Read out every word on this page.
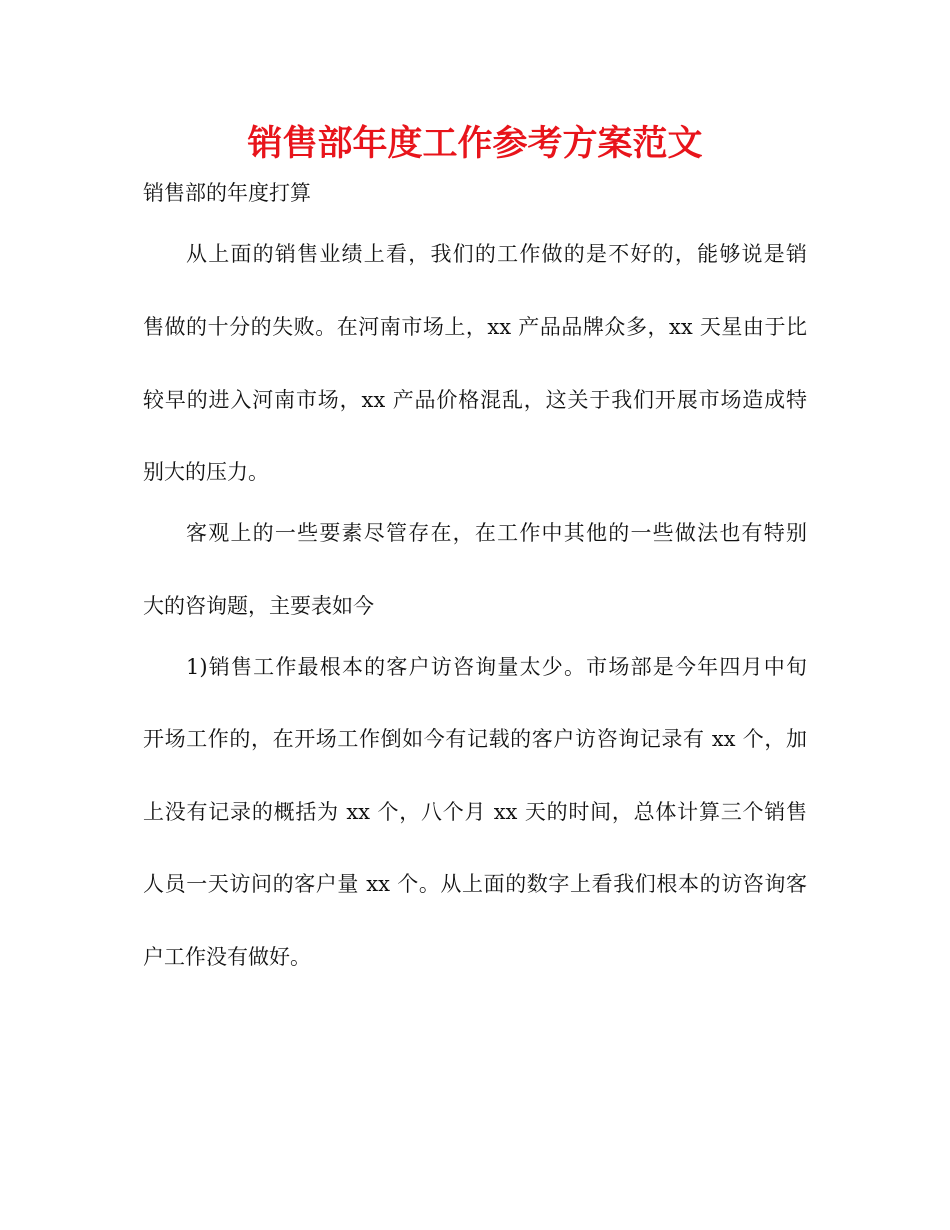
销售部年度工作参考方案范文

销售部的年度打算

从上面的销售业绩上看，我们的工作做的是不好的，能够说是销

售做的十分的失败。在河南市场上，xx 产品品牌众多，xx 天星由于比

较早的进入河南市场，xx 产品价格混乱，这关于我们开展市场造成特

别大的压力。

客观上的一些要素尽管存在，在工作中其他的一些做法也有特别

大的咨询题，主要表如今

1)销售工作最根本的客户访咨询量太少。市场部是今年四月中旬

开场工作的，在开场工作倒如今有记载的客户访咨询记录有 xx 个，加

上没有记录的概括为 xx 个，八个月 xx 天的时间，总体计算三个销售

人员一天访问的客户量 xx 个。从上面的数字上看我们根本的访咨询客

户工作没有做好。
